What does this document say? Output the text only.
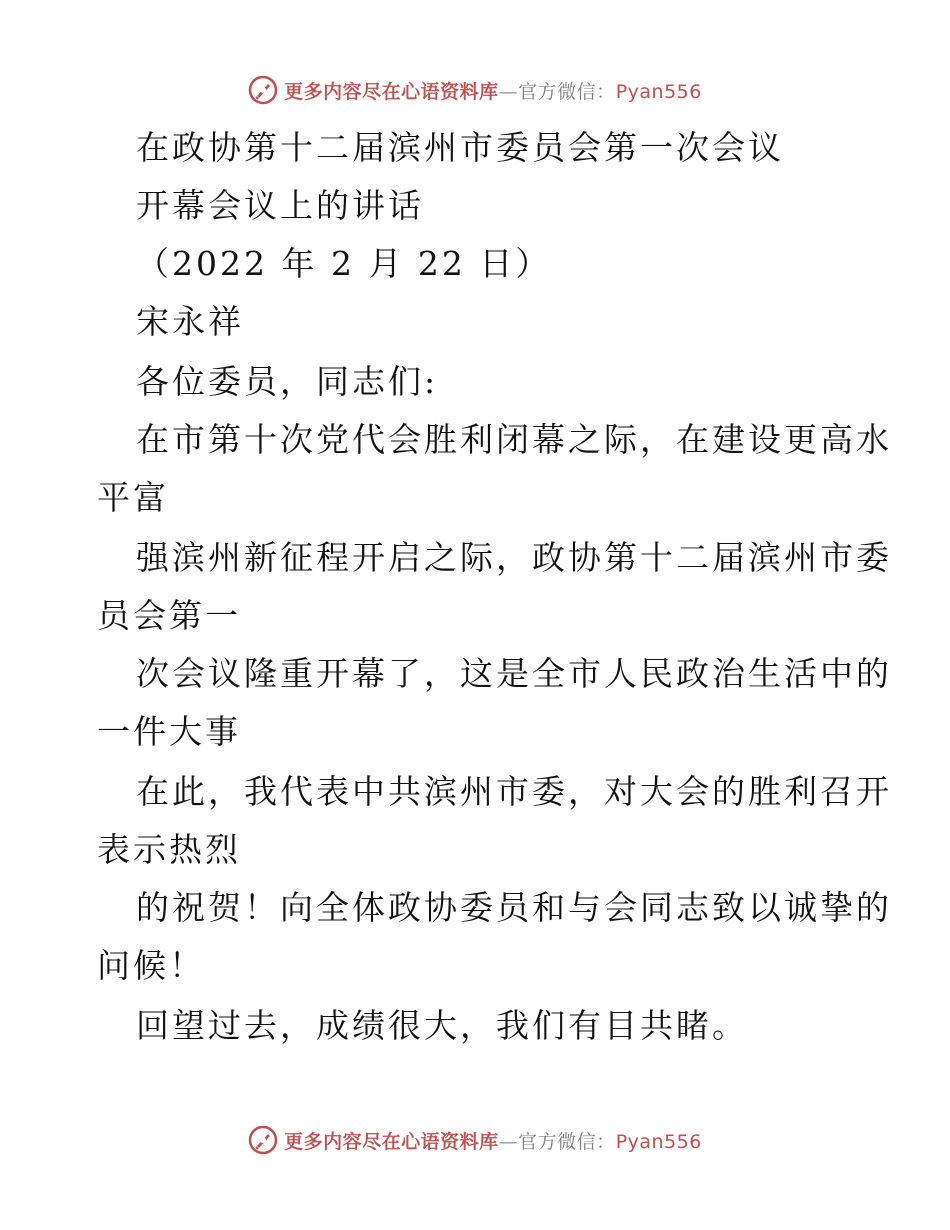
更多内容尽在心语资料库—官方微信：Pyan556
在政协第十二届滨州市委员会第一次会议
开幕会议上的讲话
（2022 年 2 月 22 日）
宋永祥
各位委员，同志们:
在市第十次党代会胜利闭幕之际，在建设更高水
平富
强滨州新征程开启之际，政协第十二届滨州市委
员会第一
次会议隆重开幕了，这是全市人民政治生活中的
一件大事
在此，我代表中共滨州市委，对大会的胜利召开
表示热烈
的祝贺！向全体政协委员和与会同志致以诚挚的
问候！
回望过去，成绩很大，我们有目共睹。
更多内容尽在心语资料库—官方微信：Pyan556
